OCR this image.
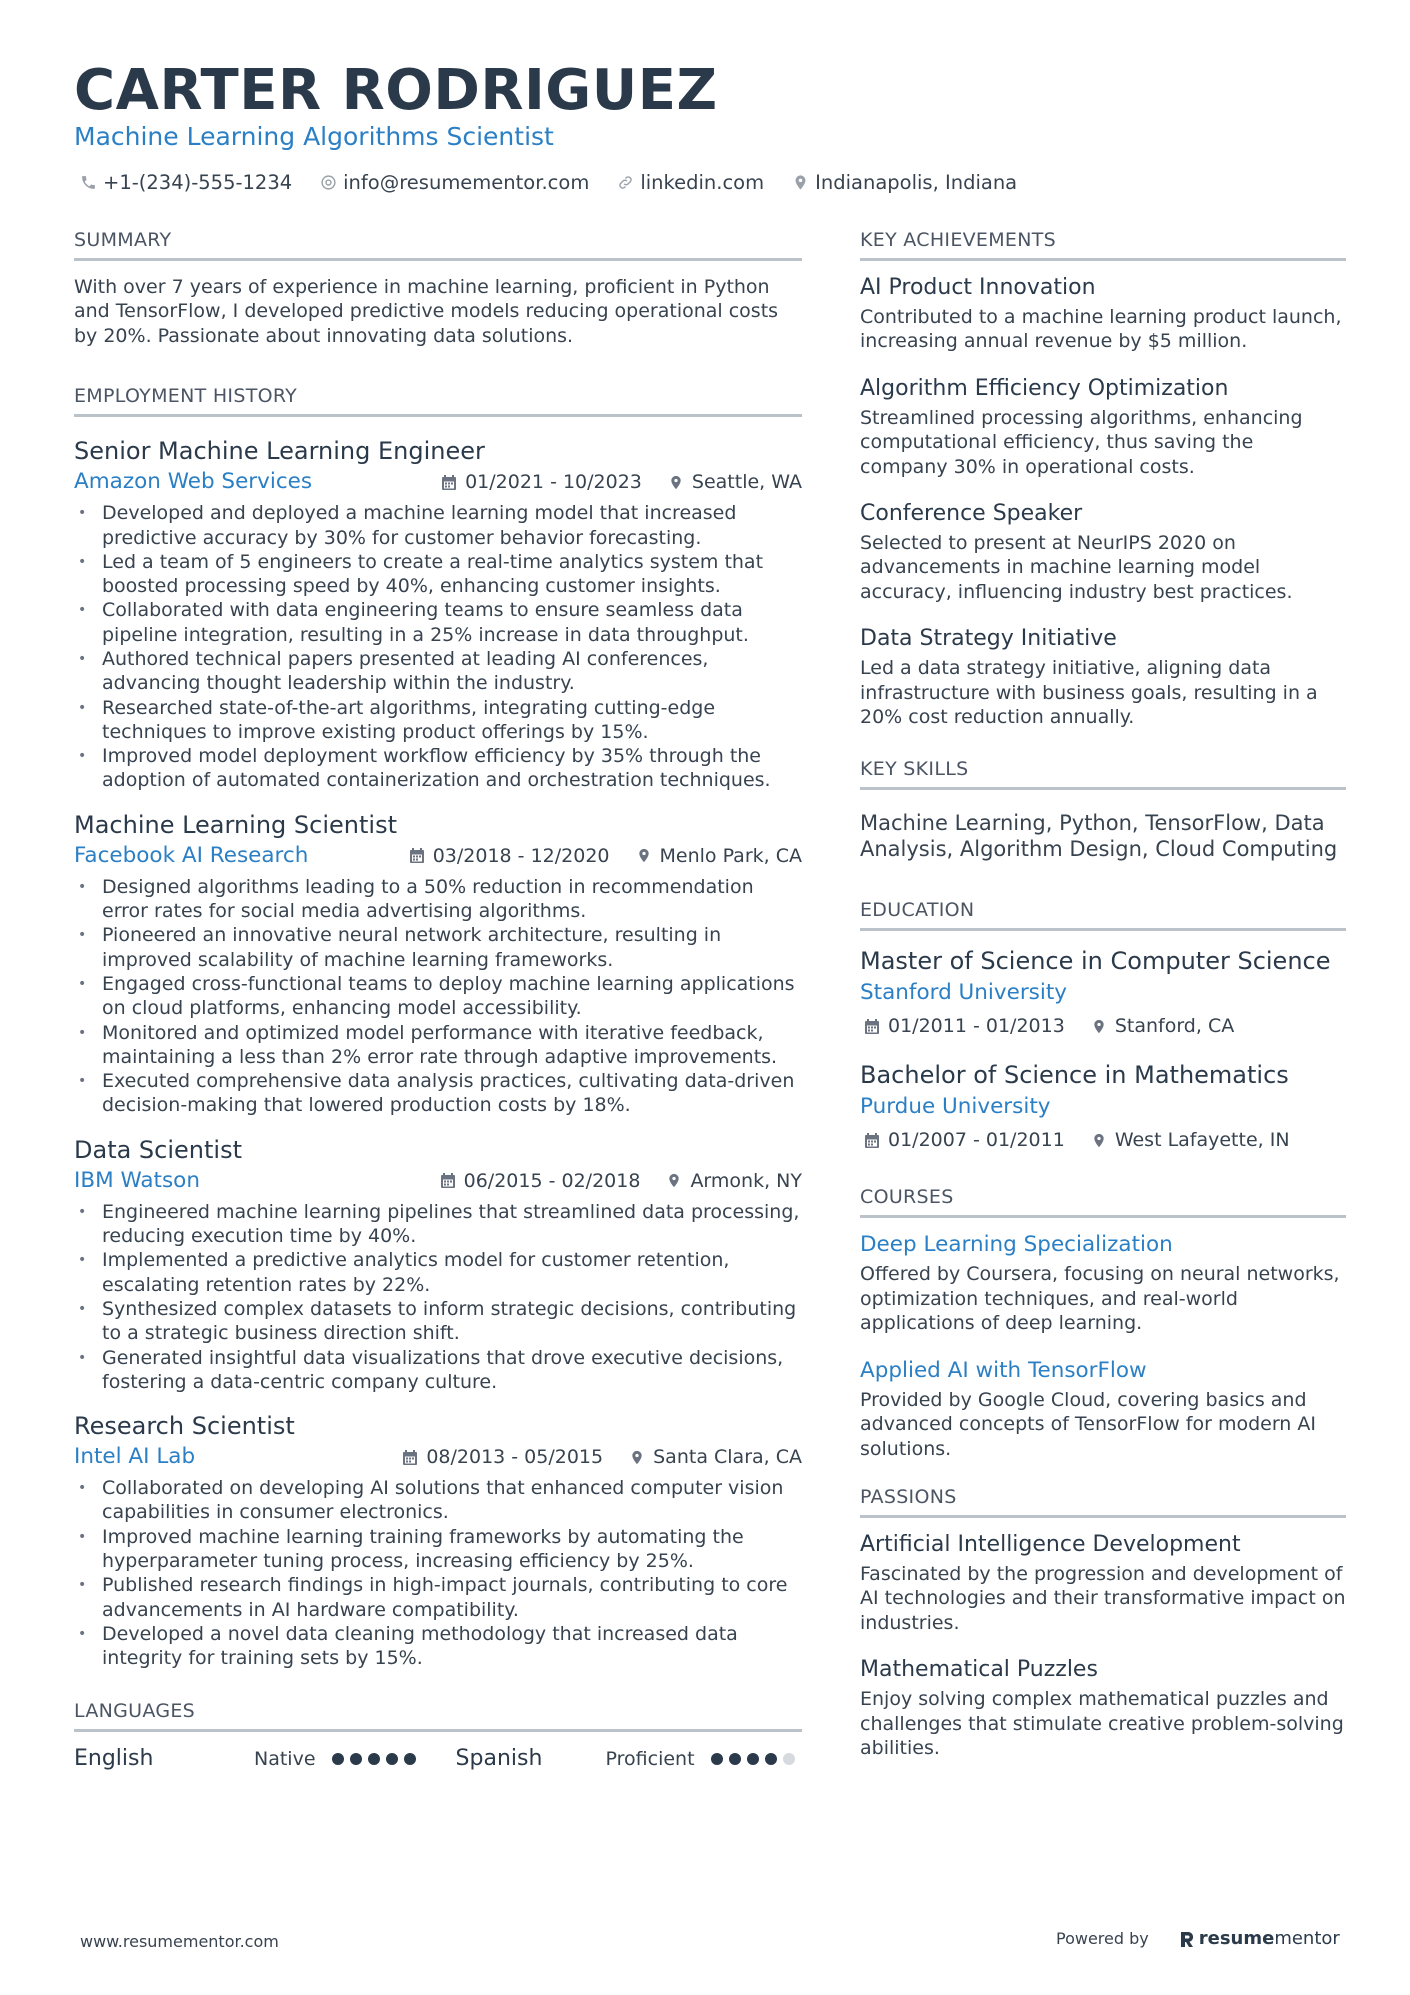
CARTER RODRIGUEZ
Machine Learning Algorithms Scientist
+1-(234)-555-1234	info@resumementor.com	linkedin.com	Indianapolis, Indiana
SUMMARY
With over 7 years of experience in machine learning, proficient in Python and TensorFlow, I developed predictive models reducing operational costs by 20%. Passionate about innovating data solutions.
EMPLOYMENT HISTORY
Senior Machine Learning Engineer
Amazon Web Services	01/2021 - 10/2023	Seattle, WA
• Developed and deployed a machine learning model that increased predictive accuracy by 30% for customer behavior forecasting.
• Led a team of 5 engineers to create a real-time analytics system that boosted processing speed by 40%, enhancing customer insights.
• Collaborated with data engineering teams to ensure seamless data pipeline integration, resulting in a 25% increase in data throughput.
• Authored technical papers presented at leading AI conferences, advancing thought leadership within the industry.
• Researched state-of-the-art algorithms, integrating cutting-edge techniques to improve existing product offerings by 15%.
• Improved model deployment workflow efficiency by 35% through the adoption of automated containerization and orchestration techniques.
Machine Learning Scientist
Facebook AI Research	03/2018 - 12/2020	Menlo Park, CA
• Designed algorithms leading to a 50% reduction in recommendation error rates for social media advertising algorithms.
• Pioneered an innovative neural network architecture, resulting in improved scalability of machine learning frameworks.
• Engaged cross-functional teams to deploy machine learning applications on cloud platforms, enhancing model accessibility.
• Monitored and optimized model performance with iterative feedback, maintaining a less than 2% error rate through adaptive improvements.
• Executed comprehensive data analysis practices, cultivating data-driven decision-making that lowered production costs by 18%.
Data Scientist
IBM Watson	06/2015 - 02/2018	Armonk, NY
• Engineered machine learning pipelines that streamlined data processing, reducing execution time by 40%.
• Implemented a predictive analytics model for customer retention, escalating retention rates by 22%.
• Synthesized complex datasets to inform strategic decisions, contributing to a strategic business direction shift.
• Generated insightful data visualizations that drove executive decisions, fostering a data-centric company culture.
Research Scientist
Intel AI Lab	08/2013 - 05/2015	Santa Clara, CA
• Collaborated on developing AI solutions that enhanced computer vision capabilities in consumer electronics.
• Improved machine learning training frameworks by automating the hyperparameter tuning process, increasing efficiency by 25%.
• Published research findings in high-impact journals, contributing to core advancements in AI hardware compatibility.
• Developed a novel data cleaning methodology that increased data integrity for training sets by 15%.
LANGUAGES
English	Native	Spanish	Proficient
KEY ACHIEVEMENTS
AI Product Innovation
Contributed to a machine learning product launch, increasing annual revenue by $5 million.
Algorithm Efficiency Optimization
Streamlined processing algorithms, enhancing computational efficiency, thus saving the company 30% in operational costs.
Conference Speaker
Selected to present at NeurIPS 2020 on advancements in machine learning model accuracy, influencing industry best practices.
Data Strategy Initiative
Led a data strategy initiative, aligning data infrastructure with business goals, resulting in a 20% cost reduction annually.
KEY SKILLS
Machine Learning, Python, TensorFlow, Data Analysis, Algorithm Design, Cloud Computing
EDUCATION
Master of Science in Computer Science
Stanford University
01/2011 - 01/2013	Stanford, CA
Bachelor of Science in Mathematics
Purdue University
01/2007 - 01/2011	West Lafayette, IN
COURSES
Deep Learning Specialization
Offered by Coursera, focusing on neural networks, optimization techniques, and real-world applications of deep learning.
Applied AI with TensorFlow
Provided by Google Cloud, covering basics and advanced concepts of TensorFlow for modern AI solutions.
PASSIONS
Artificial Intelligence Development
Fascinated by the progression and development of AI technologies and their transformative impact on industries.
Mathematical Puzzles
Enjoy solving complex mathematical puzzles and challenges that stimulate creative problem-solving abilities.
www.resumementor.com	Powered by	resume mentor
